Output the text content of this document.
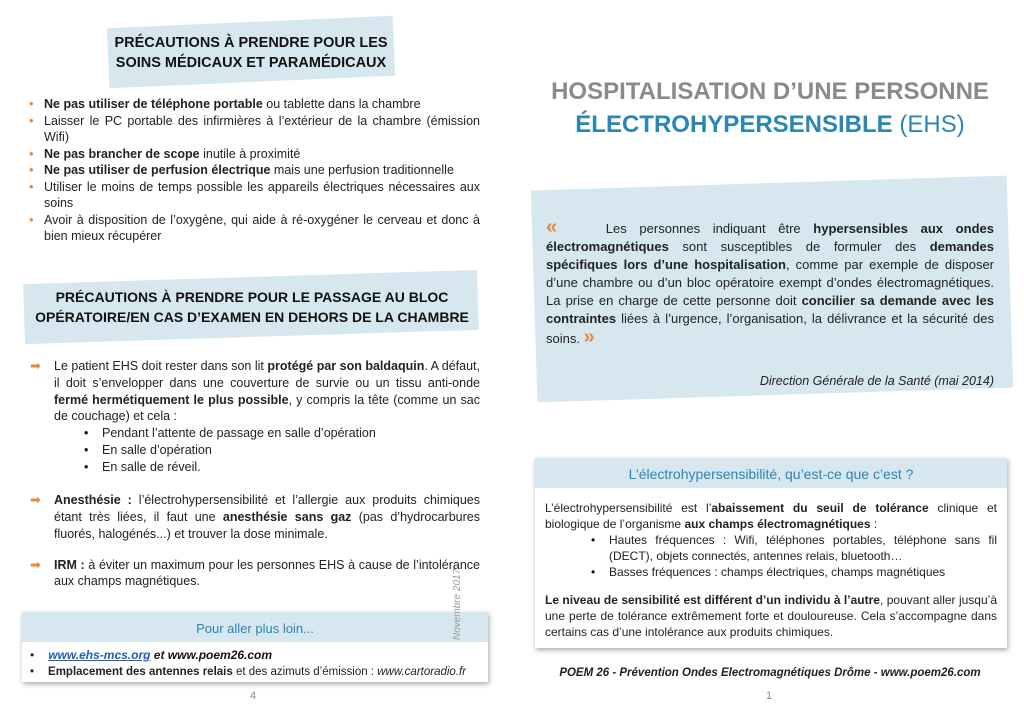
PRÉCAUTIONS À PRENDRE POUR LES
SOINS MÉDICAUX ET PARAMÉDICAUX
• Ne pas utiliser de téléphone portable ou tablette dans la chambre
• Laisser le PC portable des infirmières à l’extérieur de la chambre (émission Wifi)
• Ne pas brancher de scope inutile à proximité
• Ne pas utiliser de perfusion électrique mais une perfusion traditionnelle
• Utiliser le moins de temps possible les appareils électriques nécessaires aux soins
• Avoir à disposition de l’oxygène, qui aide à ré-oxygéner le cerveau et donc à bien mieux récupérer
PRÉCAUTIONS À PRENDRE POUR LE PASSAGE AU BLOC
OPÉRATOIRE/EN CAS D’EXAMEN EN DEHORS DE LA CHAMBRE
➡ Le patient EHS doit rester dans son lit protégé par son baldaquin. A défaut, il doit s’envelopper dans une couverture de survie ou un tissu anti-onde fermé hermétiquement le plus possible, y compris la tête (comme un sac de couchage) et cela :
• Pendant l’attente de passage en salle d’opération
• En salle d’opération
• En salle de réveil.
➡ Anesthésie : l’électrohypersensibilité et l’allergie aux produits chimiques étant très liées, il faut une anesthésie sans gaz (pas d’hydrocarbures fluorés, halogénés...) et trouver la dose minimale.
➡ IRM : à éviter un maximum pour les personnes EHS à cause de l’intolérance aux champs magnétiques.
Pour aller plus loin...
• www.ehs-mcs.org et www.poem26.com
• Emplacement des antennes relais et des azimuts d’émission : www.cartoradio.fr
Novembre 2017
4
HOSPITALISATION D’UNE PERSONNE
ÉLECTROHYPERSENSIBLE (EHS)
«	Les personnes indiquant être hypersensibles aux ondes électromagnétiques sont susceptibles de formuler des demandes spécifiques lors d’une hospitalisation, comme par exemple de disposer d’une chambre ou d’un bloc opératoire exempt d’ondes électromagnétiques. La prise en charge de cette personne doit concilier sa demande avec les contraintes liées à l’urgence, l’organisation, la délivrance et la sécurité des soins. »
Direction Générale de la Santé (mai 2014)
L’électrohypersensibilité, qu’est-ce que c’est ?
L’électrohypersensibilité est l’abaissement du seuil de tolérance clinique et biologique de l’organisme aux champs électromagnétiques :
• Hautes fréquences : Wifi, téléphones portables, téléphone sans fil (DECT), objets connectés, antennes relais, bluetooth…
• Basses fréquences : champs électriques, champs magnétiques
Le niveau de sensibilité est différent d’un individu à l’autre, pouvant aller jusqu’à une perte de tolérance extrêmement forte et douloureuse. Cela s’accompagne dans certains cas d’une intolérance aux produits chimiques.
POEM 26 - Prévention Ondes Electromagnétiques Drôme - www.poem26.com
1
